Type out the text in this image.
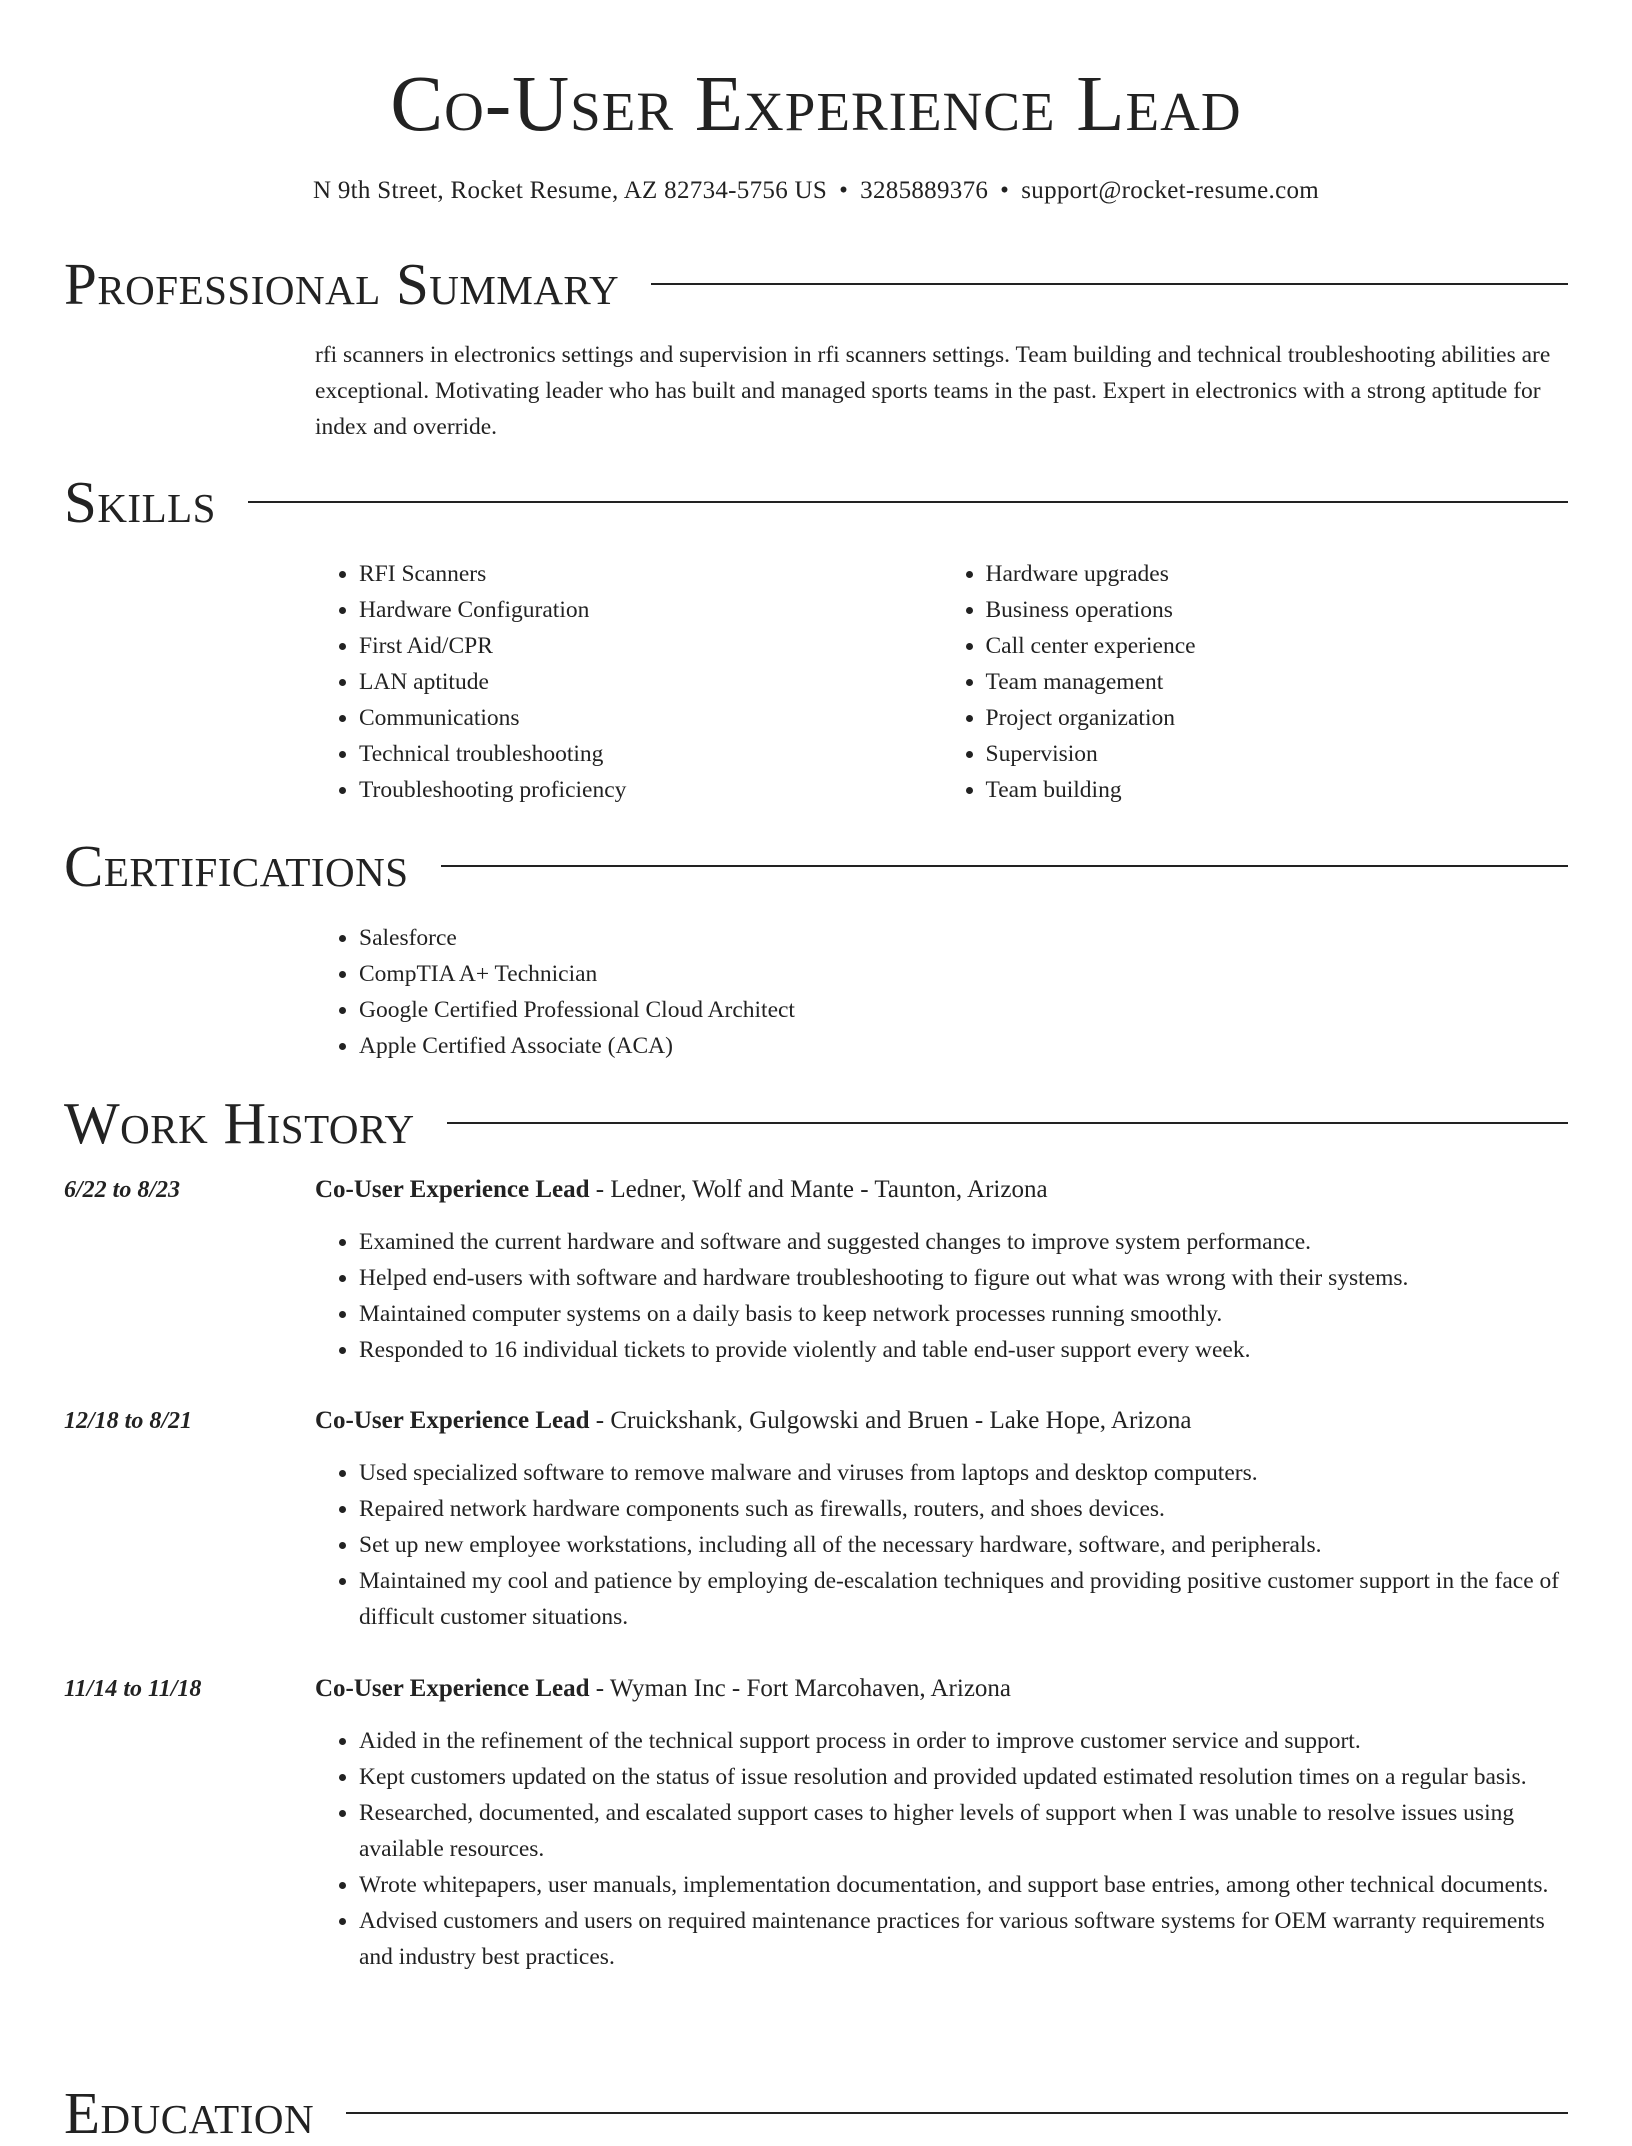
Co-User Experience Lead
N 9th Street, Rocket Resume, AZ 82734-5756 US • 3285889376 • support@rocket-resume.com
Professional Summary

rfi scanners in electronics settings and supervision in rfi scanners settings. Team building and technical troubleshooting abilities are exceptional. Motivating leader who has built and managed sports teams in the past. Expert in electronics with a strong aptitude for index and override.

Skills
• RFI Scanners
• Hardware Configuration
• First Aid/CPR
• LAN aptitude
• Communications
• Technical troubleshooting
• Troubleshooting proficiency
• Hardware upgrades
• Business operations
• Call center experience
• Team management
• Project organization
• Supervision
• Team building
Certifications
• Salesforce
• CompTIA A+ Technician
• Google Certified Professional Cloud Architect
• Apple Certified Associate (ACA)
Work History
6/22 to 8/23	Co-User Experience Lead - Ledner, Wolf and Mante - Taunton, Arizona
• Examined the current hardware and software and suggested changes to improve system performance.
• Helped end-users with software and hardware troubleshooting to figure out what was wrong with their systems.
• Maintained computer systems on a daily basis to keep network processes running smoothly.
• Responded to 16 individual tickets to provide violently and table end-user support every week.
12/18 to 8/21	Co-User Experience Lead - Cruickshank, Gulgowski and Bruen - Lake Hope, Arizona
• Used specialized software to remove malware and viruses from laptops and desktop computers.
• Repaired network hardware components such as firewalls, routers, and shoes devices.
• Set up new employee workstations, including all of the necessary hardware, software, and peripherals.
• Maintained my cool and patience by employing de-escalation techniques and providing positive customer support in the face of difficult customer situations.
11/14 to 11/18	Co-User Experience Lead - Wyman Inc - Fort Marcohaven, Arizona
• Aided in the refinement of the technical support process in order to improve customer service and support.
• Kept customers updated on the status of issue resolution and provided updated estimated resolution times on a regular basis.
• Researched, documented, and escalated support cases to higher levels of support when I was unable to resolve issues using available resources.
• Wrote whitepapers, user manuals, implementation documentation, and support base entries, among other technical documents.
• Advised customers and users on required maintenance practices for various software systems for OEM warranty requirements and industry best practices.
Education
